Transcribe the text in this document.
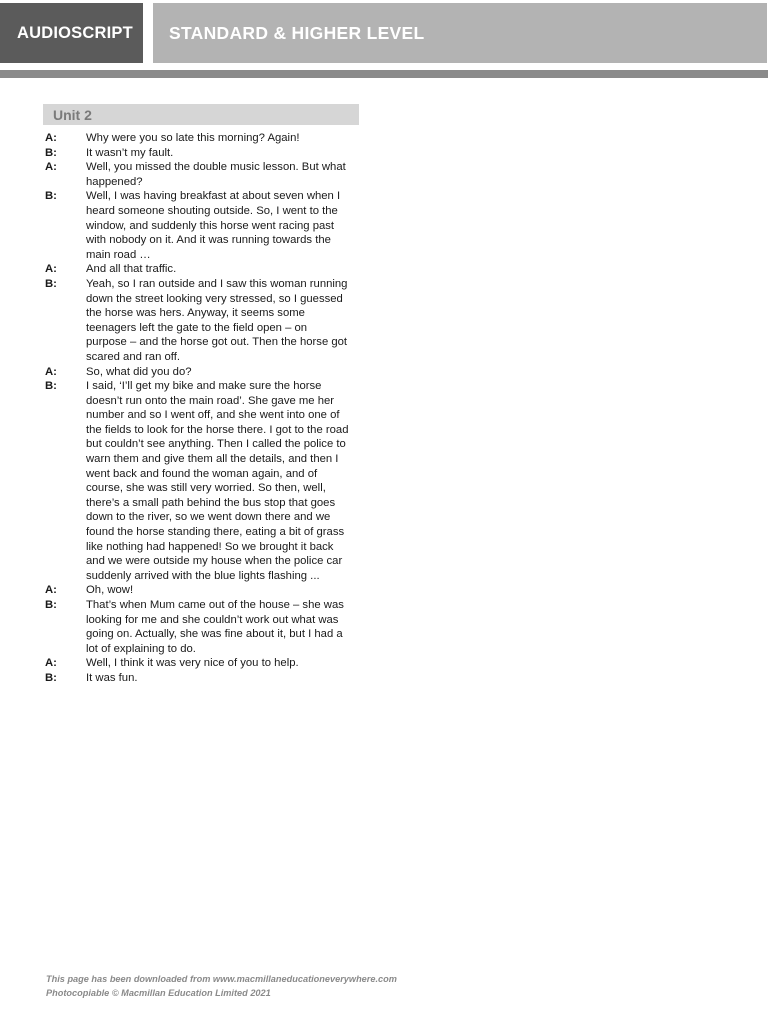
AUDIOSCRIPT STANDARD & HIGHER LEVEL
Unit 2
A:	Why were you so late this morning? Again!
B:	It wasn’t my fault.
A:	Well, you missed the double music lesson. But what
happened?
B:	Well, I was having breakfast at about seven when I
heard someone shouting outside. So, I went to the
window, and suddenly this horse went racing past
with nobody on it. And it was running towards the
main road …
A:	And all that traffic.
B:	Yeah, so I ran outside and I saw this woman running
down the street looking very stressed, so I guessed
the horse was hers. Anyway, it seems some
teenagers left the gate to the field open – on
purpose – and the horse got out. Then the horse got
scared and ran off.
A:	So, what did you do?
B:	I said, ‘I’ll get my bike and make sure the horse
doesn’t run onto the main road’. She gave me her
number and so I went off, and she went into one of
the fields to look for the horse there. I got to the road
but couldn’t see anything. Then I called the police to
warn them and give them all the details, and then I
went back and found the woman again, and of
course, she was still very worried. So then, well,
there’s a small path behind the bus stop that goes
down to the river, so we went down there and we
found the horse standing there, eating a bit of grass
like nothing had happened! So we brought it back
and we were outside my house when the police car
suddenly arrived with the blue lights flashing ...
A:	Oh, wow!
B:	That’s when Mum came out of the house – she was
looking for me and she couldn’t work out what was
going on. Actually, she was fine about it, but I had a
lot of explaining to do.
A:	Well, I think it was very nice of you to help.
B:	It was fun.
This page has been downloaded from www.macmillaneducationeverywhere.com
Photocopiable © Macmillan Education Limited 2021
